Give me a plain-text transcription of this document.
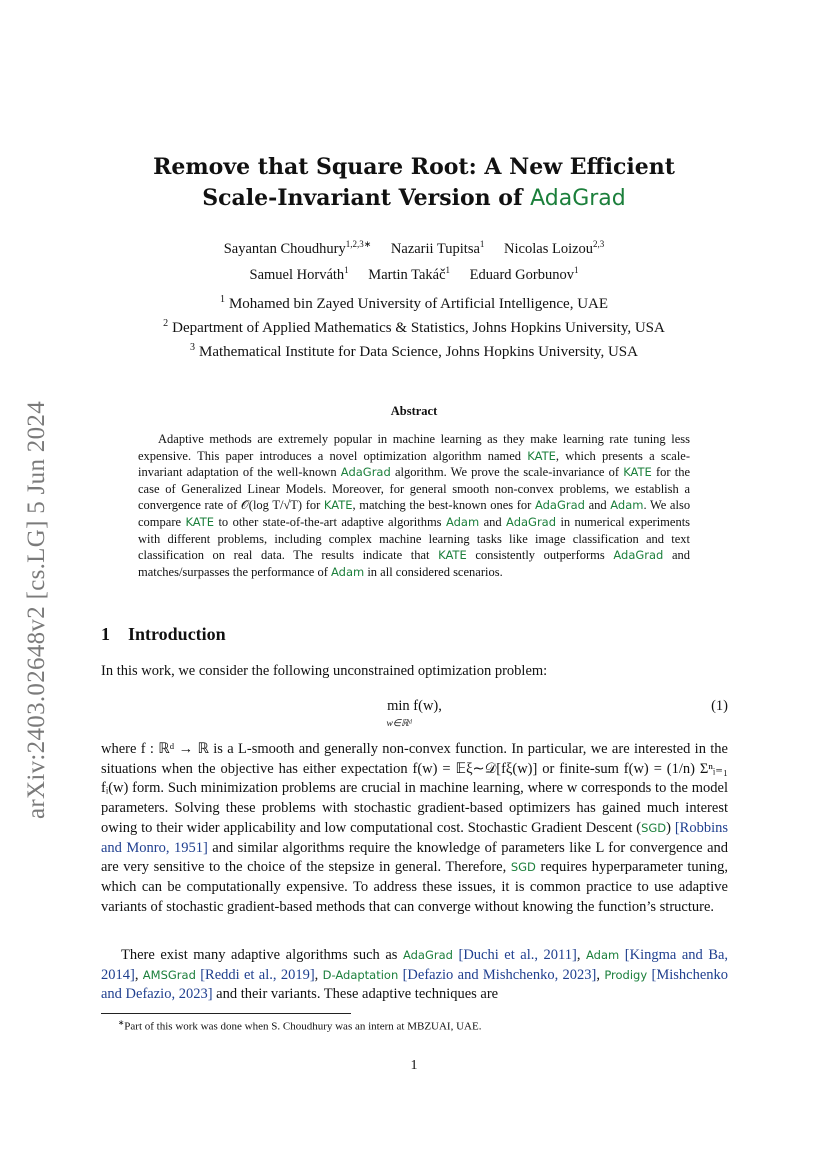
arXiv:2403.02648v2 [cs.LG] 5 Jun 2024
Remove that Square Root: A New Efficient
Scale-Invariant Version of AdaGrad
Sayantan Choudhury$^{1,2,3∗}$ Nazarii Tupitsa$^1$ Nicolas Loizou$^{2,3}$
Samuel Horváth$^1$ Martin Takáč$^1$ Eduard Gorbunov$^1$
$^1$ Mohamed bin Zayed University of Artificial Intelligence, UAE
$^2$ Department of Applied Mathematics & Statistics, Johns Hopkins University, USA
$^3$ Mathematical Institute for Data Science, Johns Hopkins University, USA
Abstract
Adaptive methods are extremely popular in machine learning as they make learning rate tuning less expensive. This paper introduces a novel optimization algorithm named KATE, which presents a scale-invariant adaptation of the well-known AdaGrad algorithm. We prove the scale-invariance of KATE for the case of Generalized Linear Models. Moreover, for general smooth non-convex problems, we establish a convergence rate of 𝒪(log T/√T) for KATE, matching the best-known ones for AdaGrad and Adam. We also compare KATE to other state-of-the-art adaptive algorithms Adam and AdaGrad in numerical experiments with different problems, including complex machine learning tasks like image classification and text classification on real data. The results indicate that KATE consistently outperforms AdaGrad and matches/surpasses the performance of Adam in all considered scenarios.
1 Introduction
In this work, we consider the following unconstrained optimization problem:
min f(w),
w∈ℝᵈ
(1)
where f : ℝᵈ → ℝ is a L-smooth and generally non-convex function. In particular, we are interested in the situations when the objective has either expectation f(w) = 𝔼ξ∼𝒟[fξ(w)] or finite-sum f(w) = (1/n) Σⁿᵢ₌₁ fᵢ(w) form. Such minimization problems are crucial in machine learning, where w corresponds to the model parameters. Solving these problems with stochastic gradient-based optimizers has gained much interest owing to their wider applicability and low computational cost. Stochastic Gradient Descent (SGD) [Robbins and Monro, 1951] and similar algorithms require the knowledge of parameters like L for convergence and are very sensitive to the choice of the stepsize in general. Therefore, SGD requires hyperparameter tuning, which can be computationally expensive. To address these issues, it is common practice to use adaptive variants of stochastic gradient-based methods that can converge without knowing the function’s structure.
There exist many adaptive algorithms such as AdaGrad [Duchi et al., 2011], Adam [Kingma and Ba, 2014], AMSGrad [Reddi et al., 2019], D-Adaptation [Defazio and Mishchenko, 2023], Prodigy [Mishchenko and Defazio, 2023] and their variants. These adaptive techniques are
∗Part of this work was done when S. Choudhury was an intern at MBZUAI, UAE.
1
